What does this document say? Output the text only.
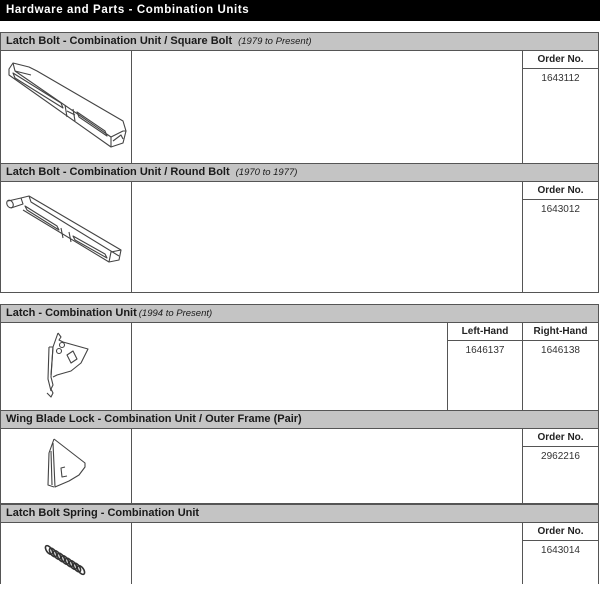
Hardware and Parts - Combination Units
Latch Bolt - Combination Unit / Square Bolt (1979 to Present)
Order No.
1643112
Latch Bolt - Combination Unit / Round Bolt (1970 to 1977)
Order No.
1643012
Latch - Combination Unit (1994 to Present)
Left-Hand
1646137
Right-Hand
1646138
Wing Blade Lock - Combination Unit / Outer Frame (Pair)
Order No.
2962216
Latch Bolt Spring - Combination Unit
Order No.
1643014
